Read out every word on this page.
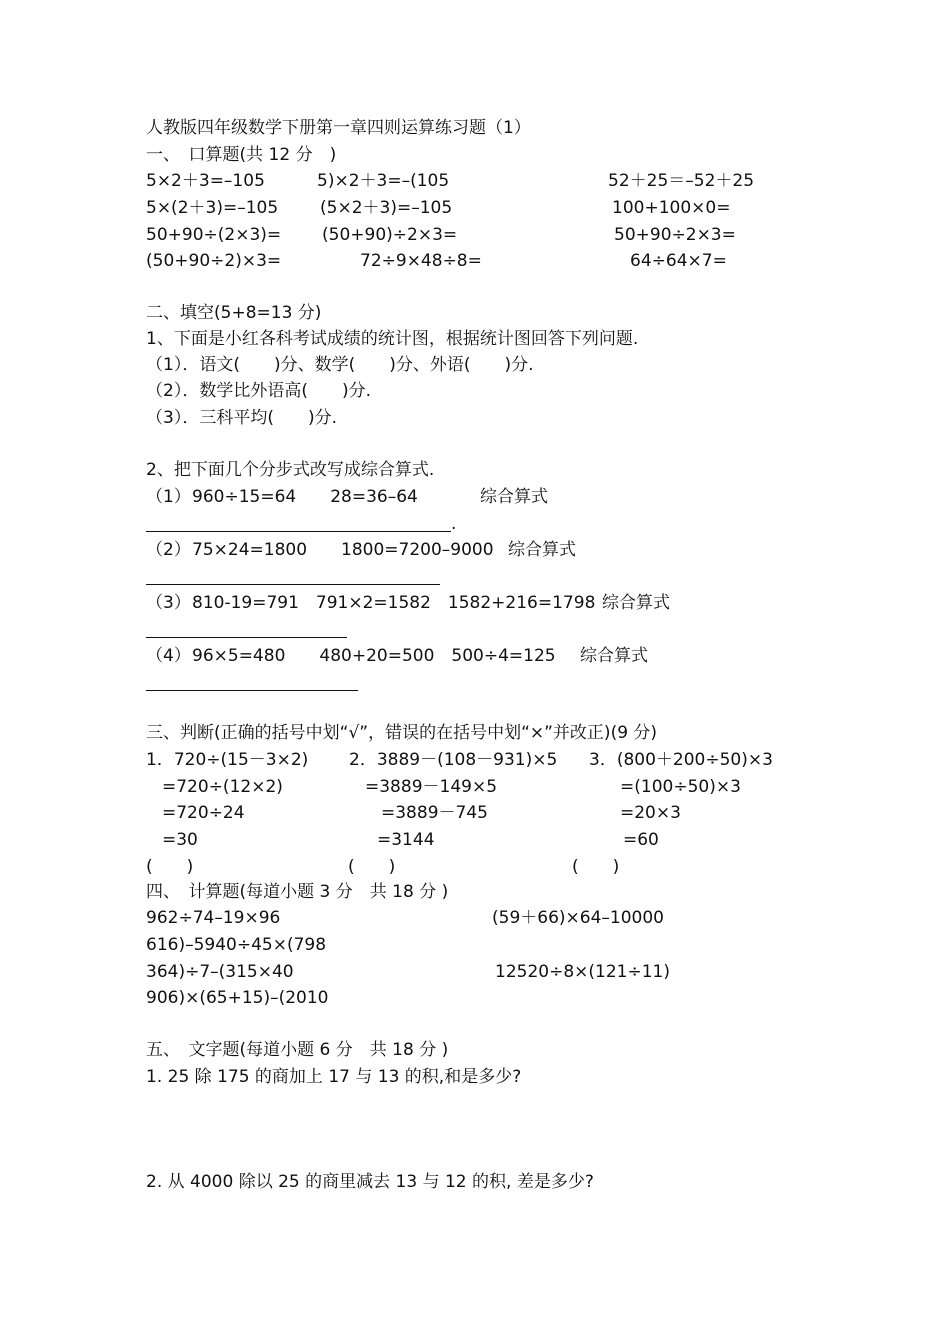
人教版四年级数学下册第一章四则运算练习题（1）
一、　口算题(共 12 分　)
5×2＋3=–105	5)×2＋3=–(105	52＋25＝–52＋25
5×(2＋3)=–105 (5×2＋3)=–105	100+100×0=
50+90÷(2×3)= (50+90)÷2×3=	50+90÷2×3=
(50+90÷2)×3=	72÷9×48÷8=	64÷64×7=
二、填空(5+8=13 分)
1、下面是小红各科考试成绩的统计图，根据统计图回答下列问题.
（1）．语文(　　)分、数学(　　)分、外语(　　)分.
（2）．数学比外语高(　　)分.
（3）．三科平均(　　)分.
2、把下面几个分步式改写成综合算式.
（1） 960÷15=64　　28=36–64	综合算式
.
（2） 75×24=1800　　1800=7200–9000 综合算式
（3） 810-19=791　791×2=1582　1582+216=1798 综合算式
（4） 96×5=480　　480+20=500　500÷4=125 综合算式
三、判断(正确的括号中划“√”，错误的在括号中划“×”并改正)(9 分)
1．720÷(15－3×2)
=720÷(12×2)
=720÷24
=30
(　　)
2．3889－(108－931)×5
=3889－149×5
=3889－745
=3144
(　　)
3．(800＋200÷50)×3
=(100÷50)×3
=20×3
=60
(　　)
四、　计算题(每道小题 3 分　共 18 分 )
962÷74–19×96	(59＋66)×64–10000
616)–5940÷45×(798
364)÷7–(315×40	12520÷8×(121÷11)
906)×(65+15)–(2010
五、　文字题(每道小题 6 分　共 18 分 )
1. 25 除 175 的商加上 17 与 13 的积,和是多少?
2. 从 4000 除以 25 的商里减去 13 与 12 的积, 差是多少?
